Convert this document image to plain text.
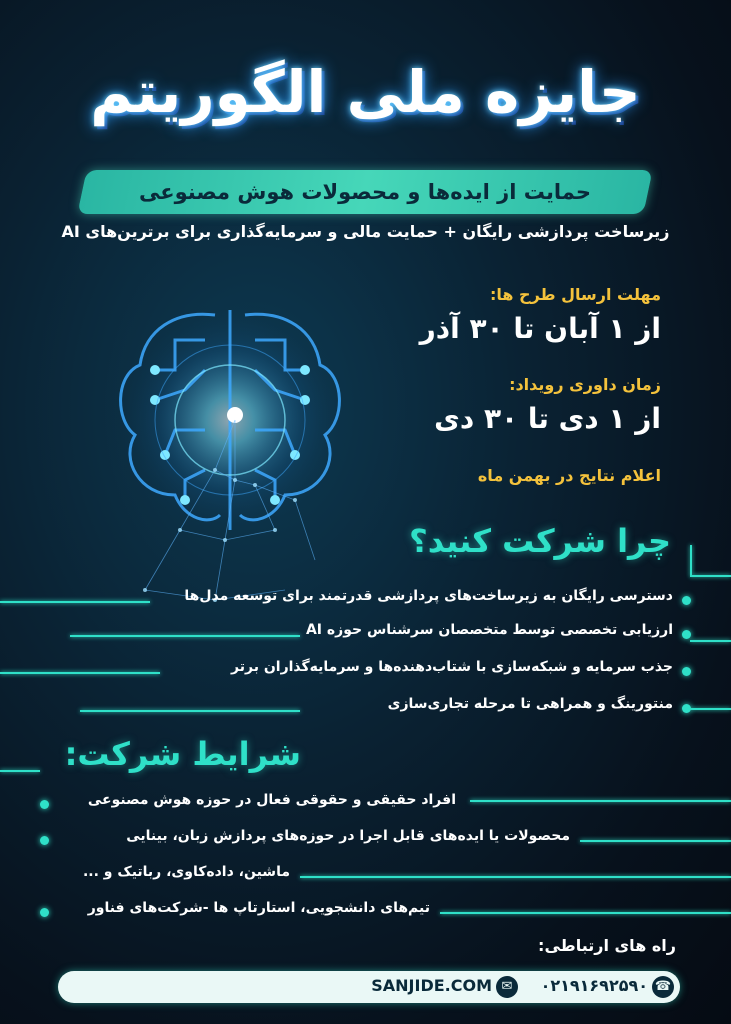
جایزه ملی الگوریتم
حمایت از ایده‌ها و محصولات هوش مصنوعی
زیرساخت پردازشی رایگان + حمایت مالی و سرمایه‌گذاری برای برترین‌های AI
مهلت ارسال طرح ها:
از ۱ آبان تا ۳۰ آذر
زمان داوری رویداد:
از ۱ دی تا ۳۰ دی
اعلام نتایج در بهمن ماه
چرا شرکت کنید؟
دسترسی رایگان به زیرساخت‌های پردازشی قدرتمند برای توسعه مدل‌ها
ارزیابی تخصصی توسط متخصصان سرشناس حوزه AI
جذب سرمایه و شبکه‌سازی با شتاب‌دهنده‌ها و سرمایه‌گذاران برتر
منتورینگ و همراهی تا مرحله تجاری‌سازی
شرایط شرکت:
افراد حقیقی و حقوقی فعال در حوزه هوش مصنوعی
محصولات یا ایده‌های قابل اجرا در حوزه‌های پردازش زبان، بینایی
ماشین، داده‌کاوی، رباتیک و ...
تیم‌های دانشجویی، استارتاپ ها -شرکت‌های فناور
راه های ارتباطی:
☎
۰۲۱۹۱۶۹۲۵۹۰
✉
SANJIDE.COM
